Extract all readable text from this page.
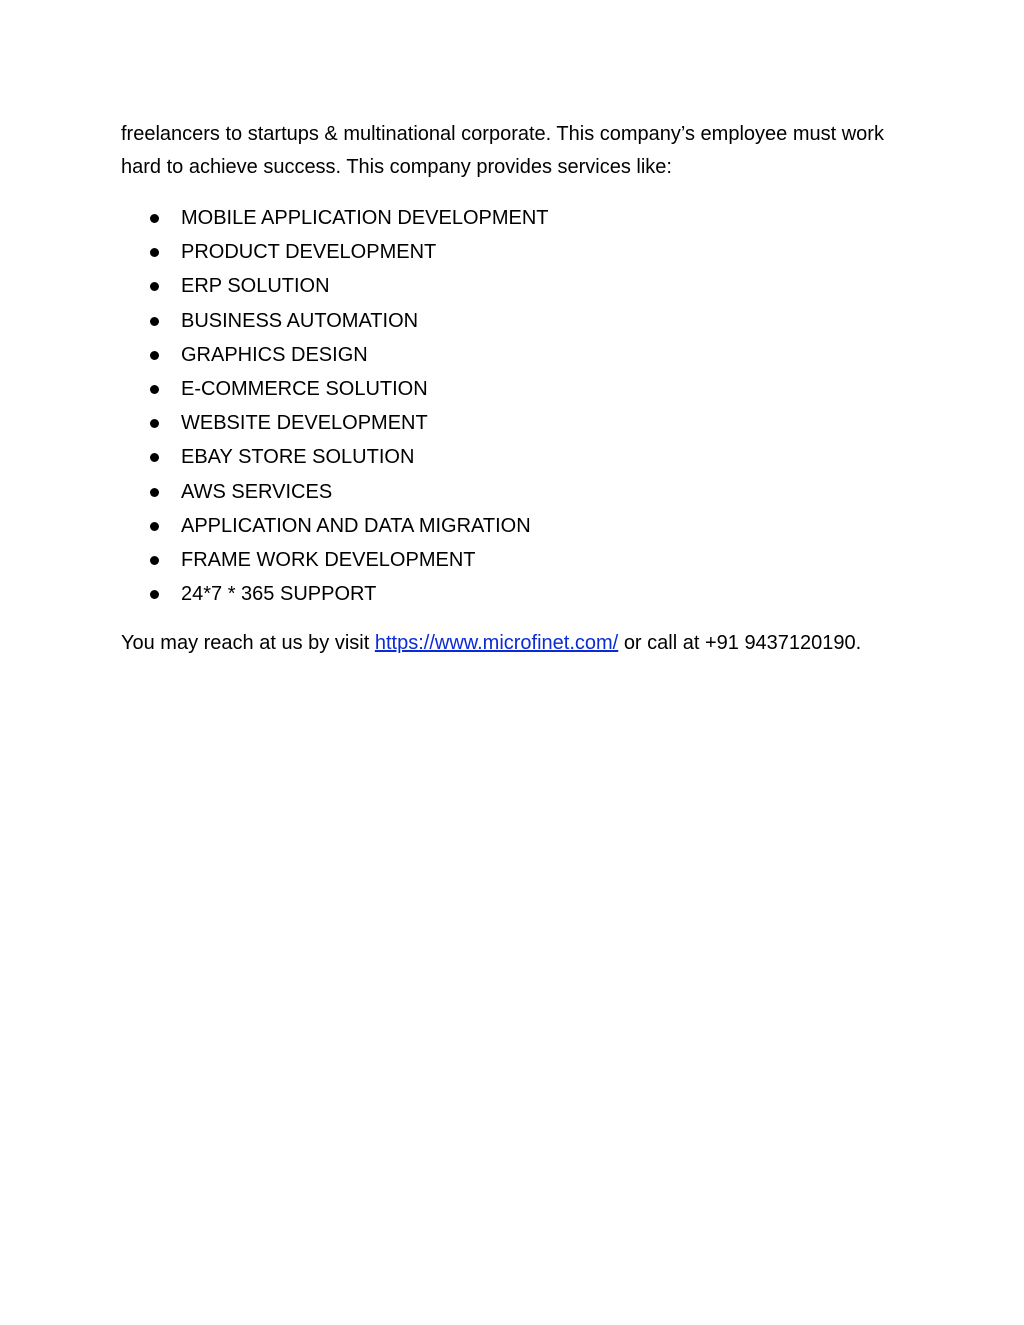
freelancers to startups & multinational corporate. This company’s employee must work hard to achieve success. This company provides services like:

MOBILE APPLICATION DEVELOPMENT
PRODUCT DEVELOPMENT
ERP SOLUTION
BUSINESS AUTOMATION
GRAPHICS DESIGN
E-COMMERCE SOLUTION
WEBSITE DEVELOPMENT
EBAY STORE SOLUTION
AWS SERVICES
APPLICATION AND DATA MIGRATION
FRAME WORK DEVELOPMENT
24*7 * 365 SUPPORT

You may reach at us by visit https://www.microfinet.com/ or call at +91 9437120190.
